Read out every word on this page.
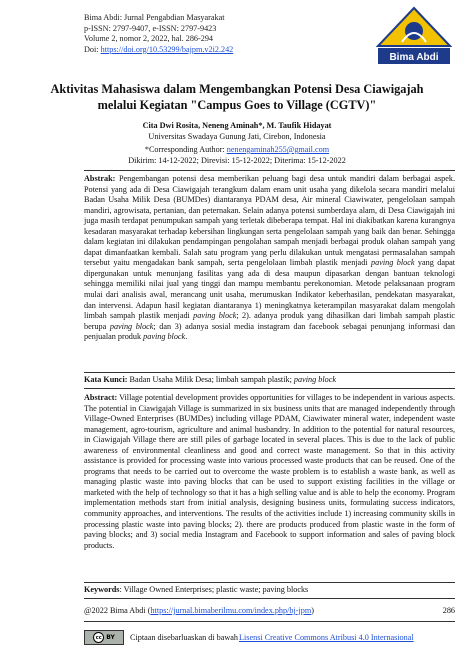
Bima Abdi: Jurnal Pengabdian Masyarakat
p-ISSN: 2797-9407, e-ISSN: 2797-9423
Volume 2, nomor 2, 2022, hal. 286-294
Doi: https://doi.org/10.53299/bajpm.v2i2.242
Bima Abdi
Aktivitas Mahasiswa dalam Mengembangkan Potensi Desa Ciawigajah melalui Kegiatan "Campus Goes to Village (CGTV)"
Cita Dwi Rosita, Neneng Aminah*, M. Taufik Hidayat
Universitas Swadaya Gunung Jati, Cirebon, Indonesia
*Corresponding Author: nenengaminah255@gmail.com
Dikirim: 14-12-2022; Direvisi: 15-12-2022; Diterima: 15-12-2022

Abstrak: Pengembangan potensi desa memberikan peluang bagi desa untuk mandiri dalam berbagai aspek. Potensi yang ada di Desa Ciawigajah terangkum dalam enam unit usaha yang dikelola secara mandiri melalui Badan Usaha Milik Desa (BUMDes) diantaranya PDAM desa, Air mineral Ciawiwater, pengelolaan sampah mandiri, agrowisata, pertanian, dan peternakan. Selain adanya potensi sumberdaya alam, di Desa Ciawigajah ini juga masih terdapat penumpukan sampah yang terletak dibeberapa tempat. Hal ini diakibatkan karena kurangnya kesadaran masyarakat terhadap kebersihan lingkungan serta pengelolaan sampah yang baik dan benar. Sehingga dalam kegiatan ini dilakukan pendampingan pengolahan sampah menjadi berbagai produk olahan sampah yang dapat dimanfaatkan kembali. Salah satu program yang perlu dilakukan untuk mengatasi permasalahan sampah tersebut yaitu mengadakan bank sampah, serta pengelolaan limbah plastik menjadi paving block yang dapat dipergunakan untuk menunjang fasilitas yang ada di desa maupun dipasarkan dengan bantuan teknologi sehingga memiliki nilai jual yang tinggi dan mampu membantu perekonomian. Metode pelaksanaan program mulai dari analisis awal, merancang unit usaha, merumuskan Indikator keberhasilan, pendekatan masyarakat, dan intervensi. Adapun hasil kegiatan diantaranya 1) meningkatnya keterampilan masyarakat dalam mengolah limbah sampah plastik menjadi paving block; 2). adanya produk yang dihasilkan dari limbah sampah plastic berupa paving block; dan 3) adanya sosial media instagram dan facebook sebagai penunjang informasi dan penjualan produk paving block.

Kata Kunci: Badan Usaha Milik Desa; limbah sampah plastik; paving block

Abstract: Village potential development provides opportunities for villages to be independent in various aspects. The potential in Ciawigajah Village is summarized in six business units that are managed independently through Village-Owned Enterprises (BUMDes) including village PDAM, Ciawiwater mineral water, independent waste management, agro-tourism, agriculture and animal husbandry. In addition to the potential for natural resources, in Ciawigajah Village there are still piles of garbage located in several places. This is due to the lack of public awareness of environmental cleanliness and good and correct waste management. So that in this activity assistance is provided for processing waste into various processed waste products that can be reused. One of the programs that needs to be carried out to overcome the waste problem is to establish a waste bank, as well as managing plastic waste into paving blocks that can be used to support existing facilities in the village or marketed with the help of technology so that it has a high selling value and is able to help the economy. Program implementation methods start from initial analysis, designing business units, formulating success indicators, community approaches, and interventions. The results of the activities include 1) increasing community skills in processing plastic waste into paving blocks; 2). there are products produced from plastic waste in the form of paving blocks; and 3) social media Instagram and Facebook to support information and sales of paving block products.

Keywords: Village Owned Enterprises; plastic waste; paving blocks

@2022 Bima Abdi (https://jurnal.bimaberilmu.com/index.php/bj-jpm)	286
cc BY Ciptaan disebarluaskan di bawah Lisensi Creative Commons Atribusi 4.0 Internasional
